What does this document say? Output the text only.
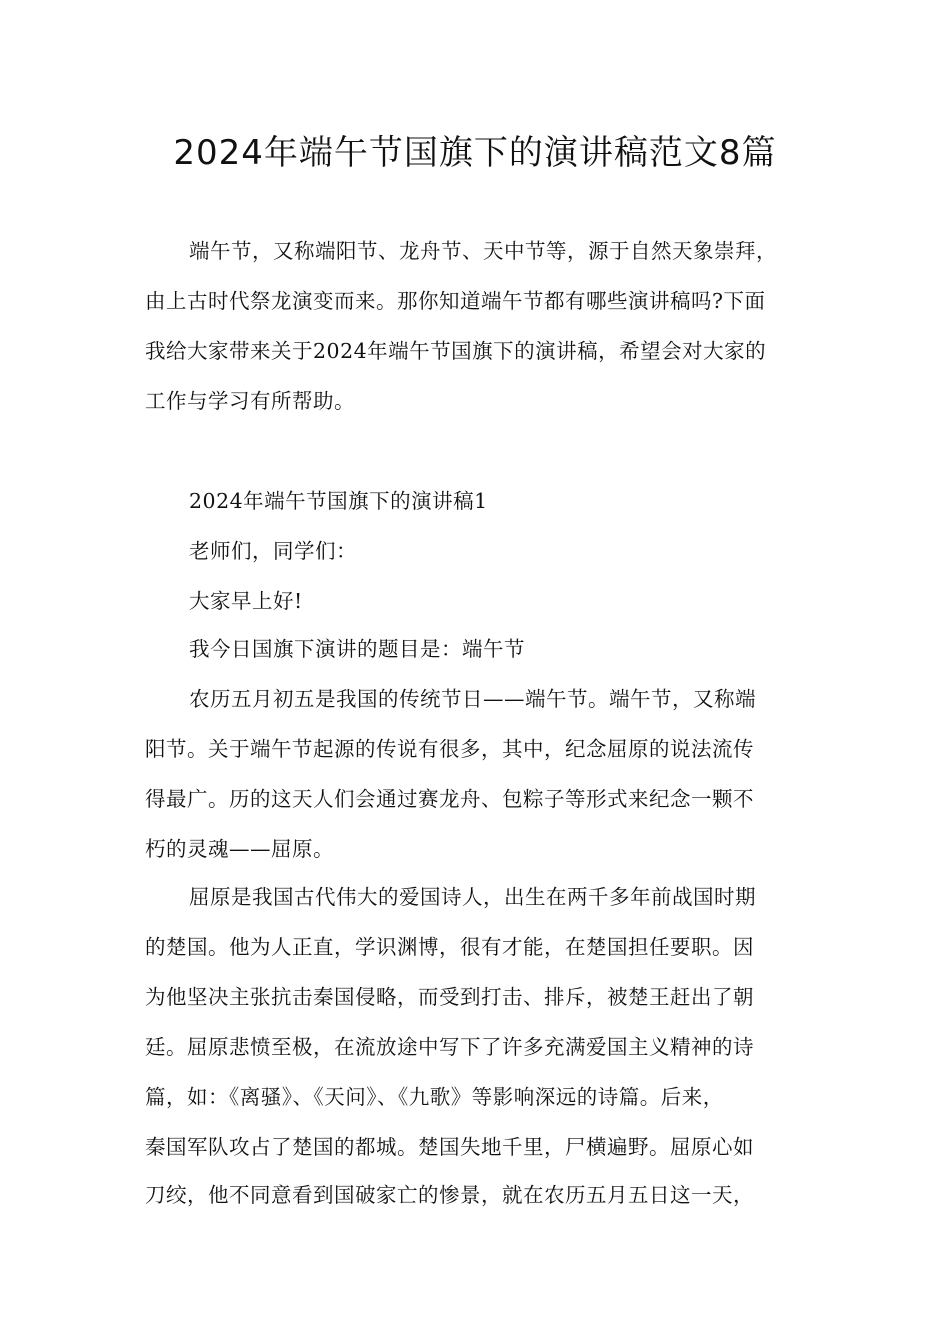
2024年端午节国旗下的演讲稿范文8篇
端午节，又称端阳节、龙舟节、天中节等，源于自然天象崇拜，
由上古时代祭龙演变而来。那你知道端午节都有哪些演讲稿吗?下面
我给大家带来关于2024年端午节国旗下的演讲稿，希望会对大家的
工作与学习有所帮助。
2024年端午节国旗下的演讲稿1
老师们，同学们：
大家早上好!
我今日国旗下演讲的题目是：端午节
农历五月初五是我国的传统节日——端午节。端午节，又称端
阳节。关于端午节起源的传说有很多，其中，纪念屈原的说法流传
得最广。历的这天人们会通过赛龙舟、包粽子等形式来纪念一颗不
朽的灵魂——屈原。
屈原是我国古代伟大的爱国诗人，出生在两千多年前战国时期
的楚国。他为人正直，学识渊博，很有才能，在楚国担任要职。因
为他坚决主张抗击秦国侵略，而受到打击、排斥，被楚王赶出了朝
廷。屈原悲愤至极，在流放途中写下了许多充满爱国主义精神的诗
篇，如：《离骚》、《天问》、《九歌》等影响深远的诗篇。后来，
秦国军队攻占了楚国的都城。楚国失地千里，尸横遍野。屈原心如
刀绞，他不同意看到国破家亡的惨景，就在农历五月五日这一天，
